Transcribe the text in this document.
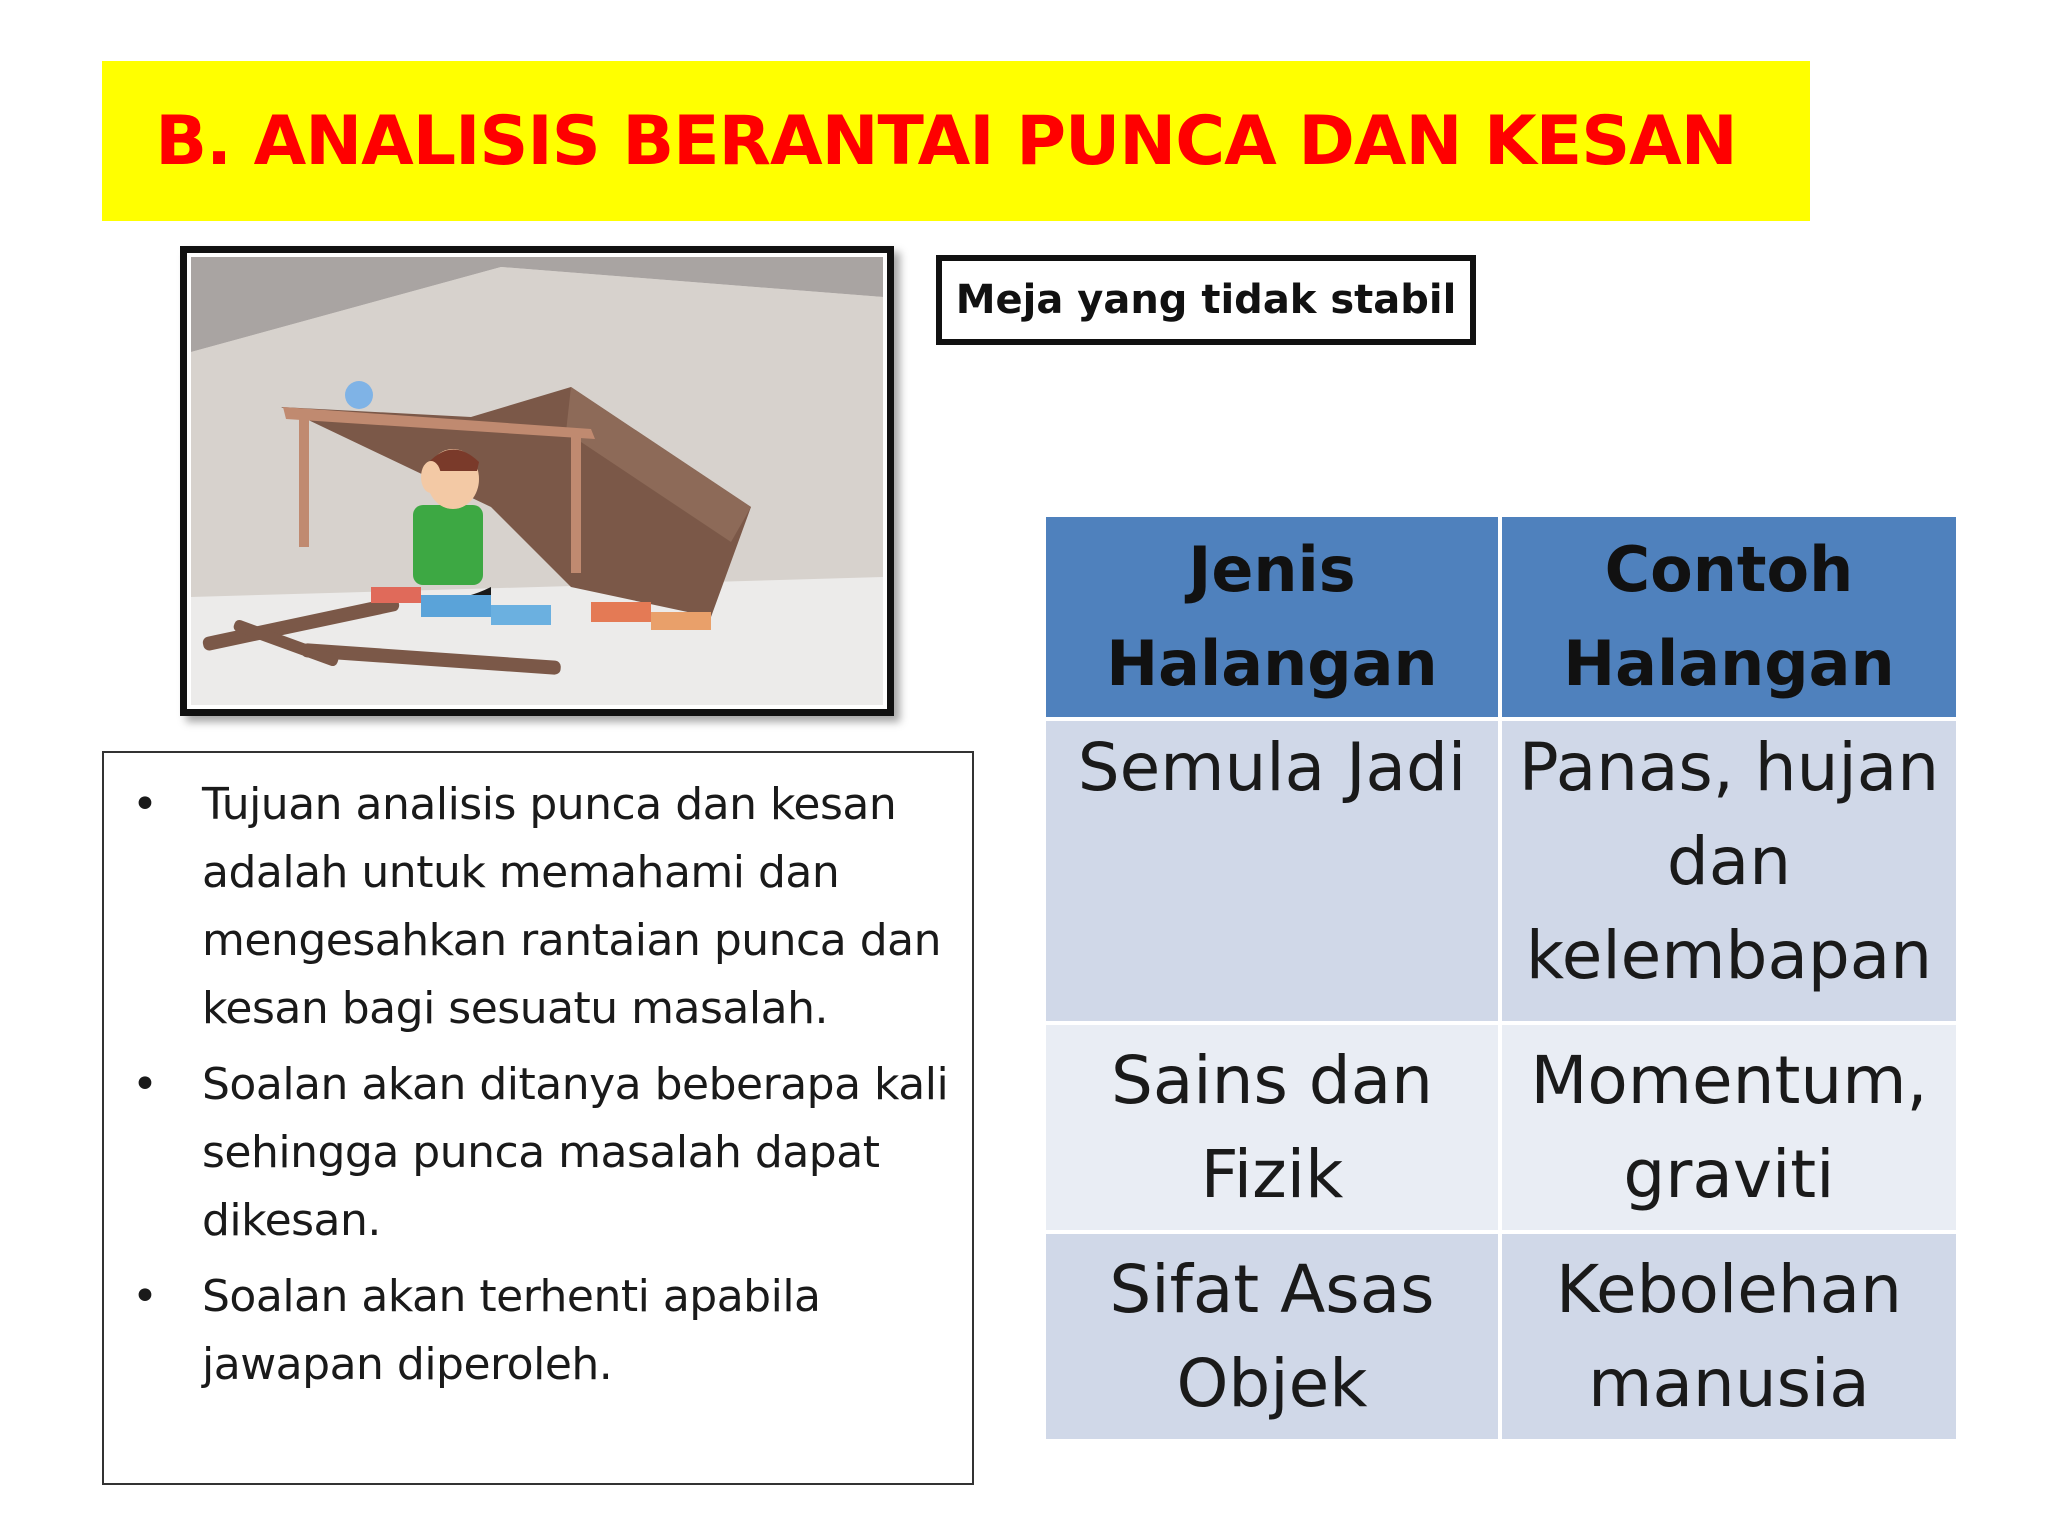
B. ANALISIS BERANTAI PUNCA DAN KESAN
Meja yang tidak stabil
• Tujuan analisis punca dan kesan adalah untuk memahami dan mengesahkan rantaian punca dan kesan bagi sesuatu masalah.
• Soalan akan ditanya beberapa kali sehingga punca masalah dapat dikesan.
• Soalan akan terhenti apabila jawapan diperoleh.
Jenis Halangan	Contoh Halangan
Semula Jadi	Panas, hujan dan kelembapan
Sains dan Fizik	Momentum, graviti
Sifat Asas Objek	Kebolehan manusia
